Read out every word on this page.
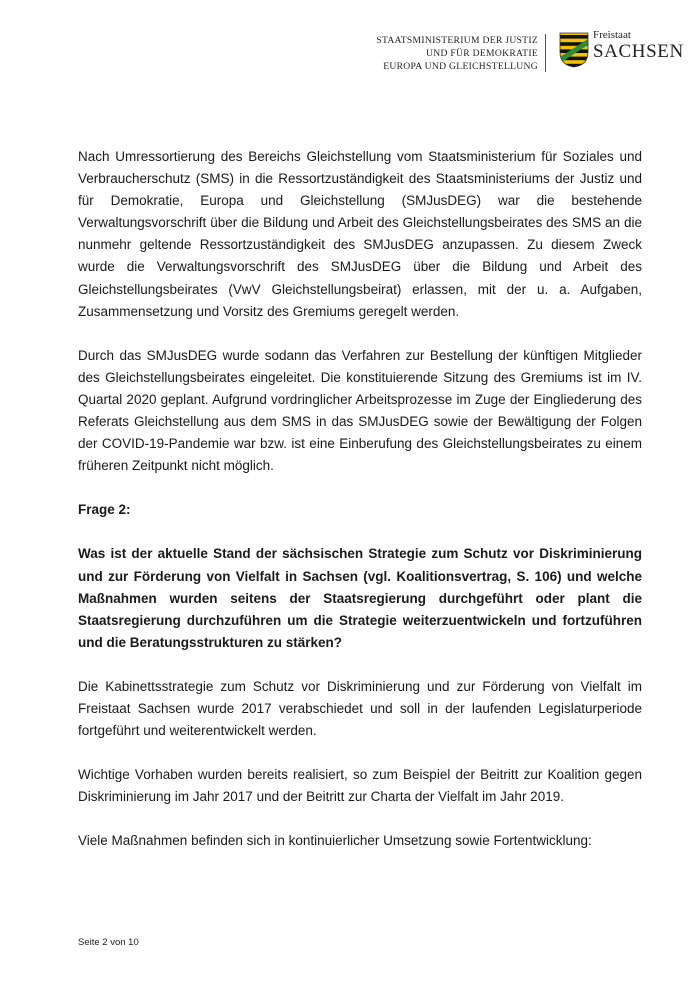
STAATSMINISTERIUM DER JUSTIZ
UND FÜR DEMOKRATIE
EUROPA UND GLEICHSTELLUNG
Freistaat
SACHSEN

Nach Umressortierung des Bereichs Gleichstellung vom Staatsministerium für Soziales und Verbraucherschutz (SMS) in die Ressortzuständigkeit des Staatsministeriums der Justiz und für Demokratie, Europa und Gleichstellung (SMJusDEG) war die bestehende Verwaltungsvorschrift über die Bildung und Arbeit des Gleichstellungsbeirates des SMS an die nunmehr geltende Ressortzuständigkeit des SMJusDEG anzupassen. Zu diesem Zweck wurde die Verwaltungsvorschrift des SMJusDEG über die Bildung und Arbeit des Gleichstellungsbeirates (VwV Gleichstellungsbeirat) erlassen, mit der u. a. Aufgaben, Zusammensetzung und Vorsitz des Gremiums geregelt werden.

Durch das SMJusDEG wurde sodann das Verfahren zur Bestellung der künftigen Mitglieder des Gleichstellungsbeirates eingeleitet. Die konstituierende Sitzung des Gremiums ist im IV. Quartal 2020 geplant. Aufgrund vordringlicher Arbeitsprozesse im Zuge der Eingliederung des Referats Gleichstellung aus dem SMS in das SMJusDEG sowie der Bewältigung der Folgen der COVID-19-Pandemie war bzw. ist eine Einberufung des Gleichstellungsbeirates zu einem früheren Zeitpunkt nicht möglich.

Frage 2:

Was ist der aktuelle Stand der sächsischen Strategie zum Schutz vor Diskriminierung und zur Förderung von Vielfalt in Sachsen (vgl. Koalitionsvertrag, S. 106) und welche Maßnahmen wurden seitens der Staatsregierung durchgeführt oder plant die Staatsregierung durchzuführen um die Strategie weiterzuentwickeln und fortzuführen und die Beratungsstrukturen zu stärken?

Die Kabinettsstrategie zum Schutz vor Diskriminierung und zur Förderung von Vielfalt im Freistaat Sachsen wurde 2017 verabschiedet und soll in der laufenden Legislaturperiode fortgeführt und weiterentwickelt werden.

Wichtige Vorhaben wurden bereits realisiert, so zum Beispiel der Beitritt zur Koalition gegen Diskriminierung im Jahr 2017 und der Beitritt zur Charta der Vielfalt im Jahr 2019.

Viele Maßnahmen befinden sich in kontinuierlicher Umsetzung sowie Fortentwicklung:

Seite 2 von 10
